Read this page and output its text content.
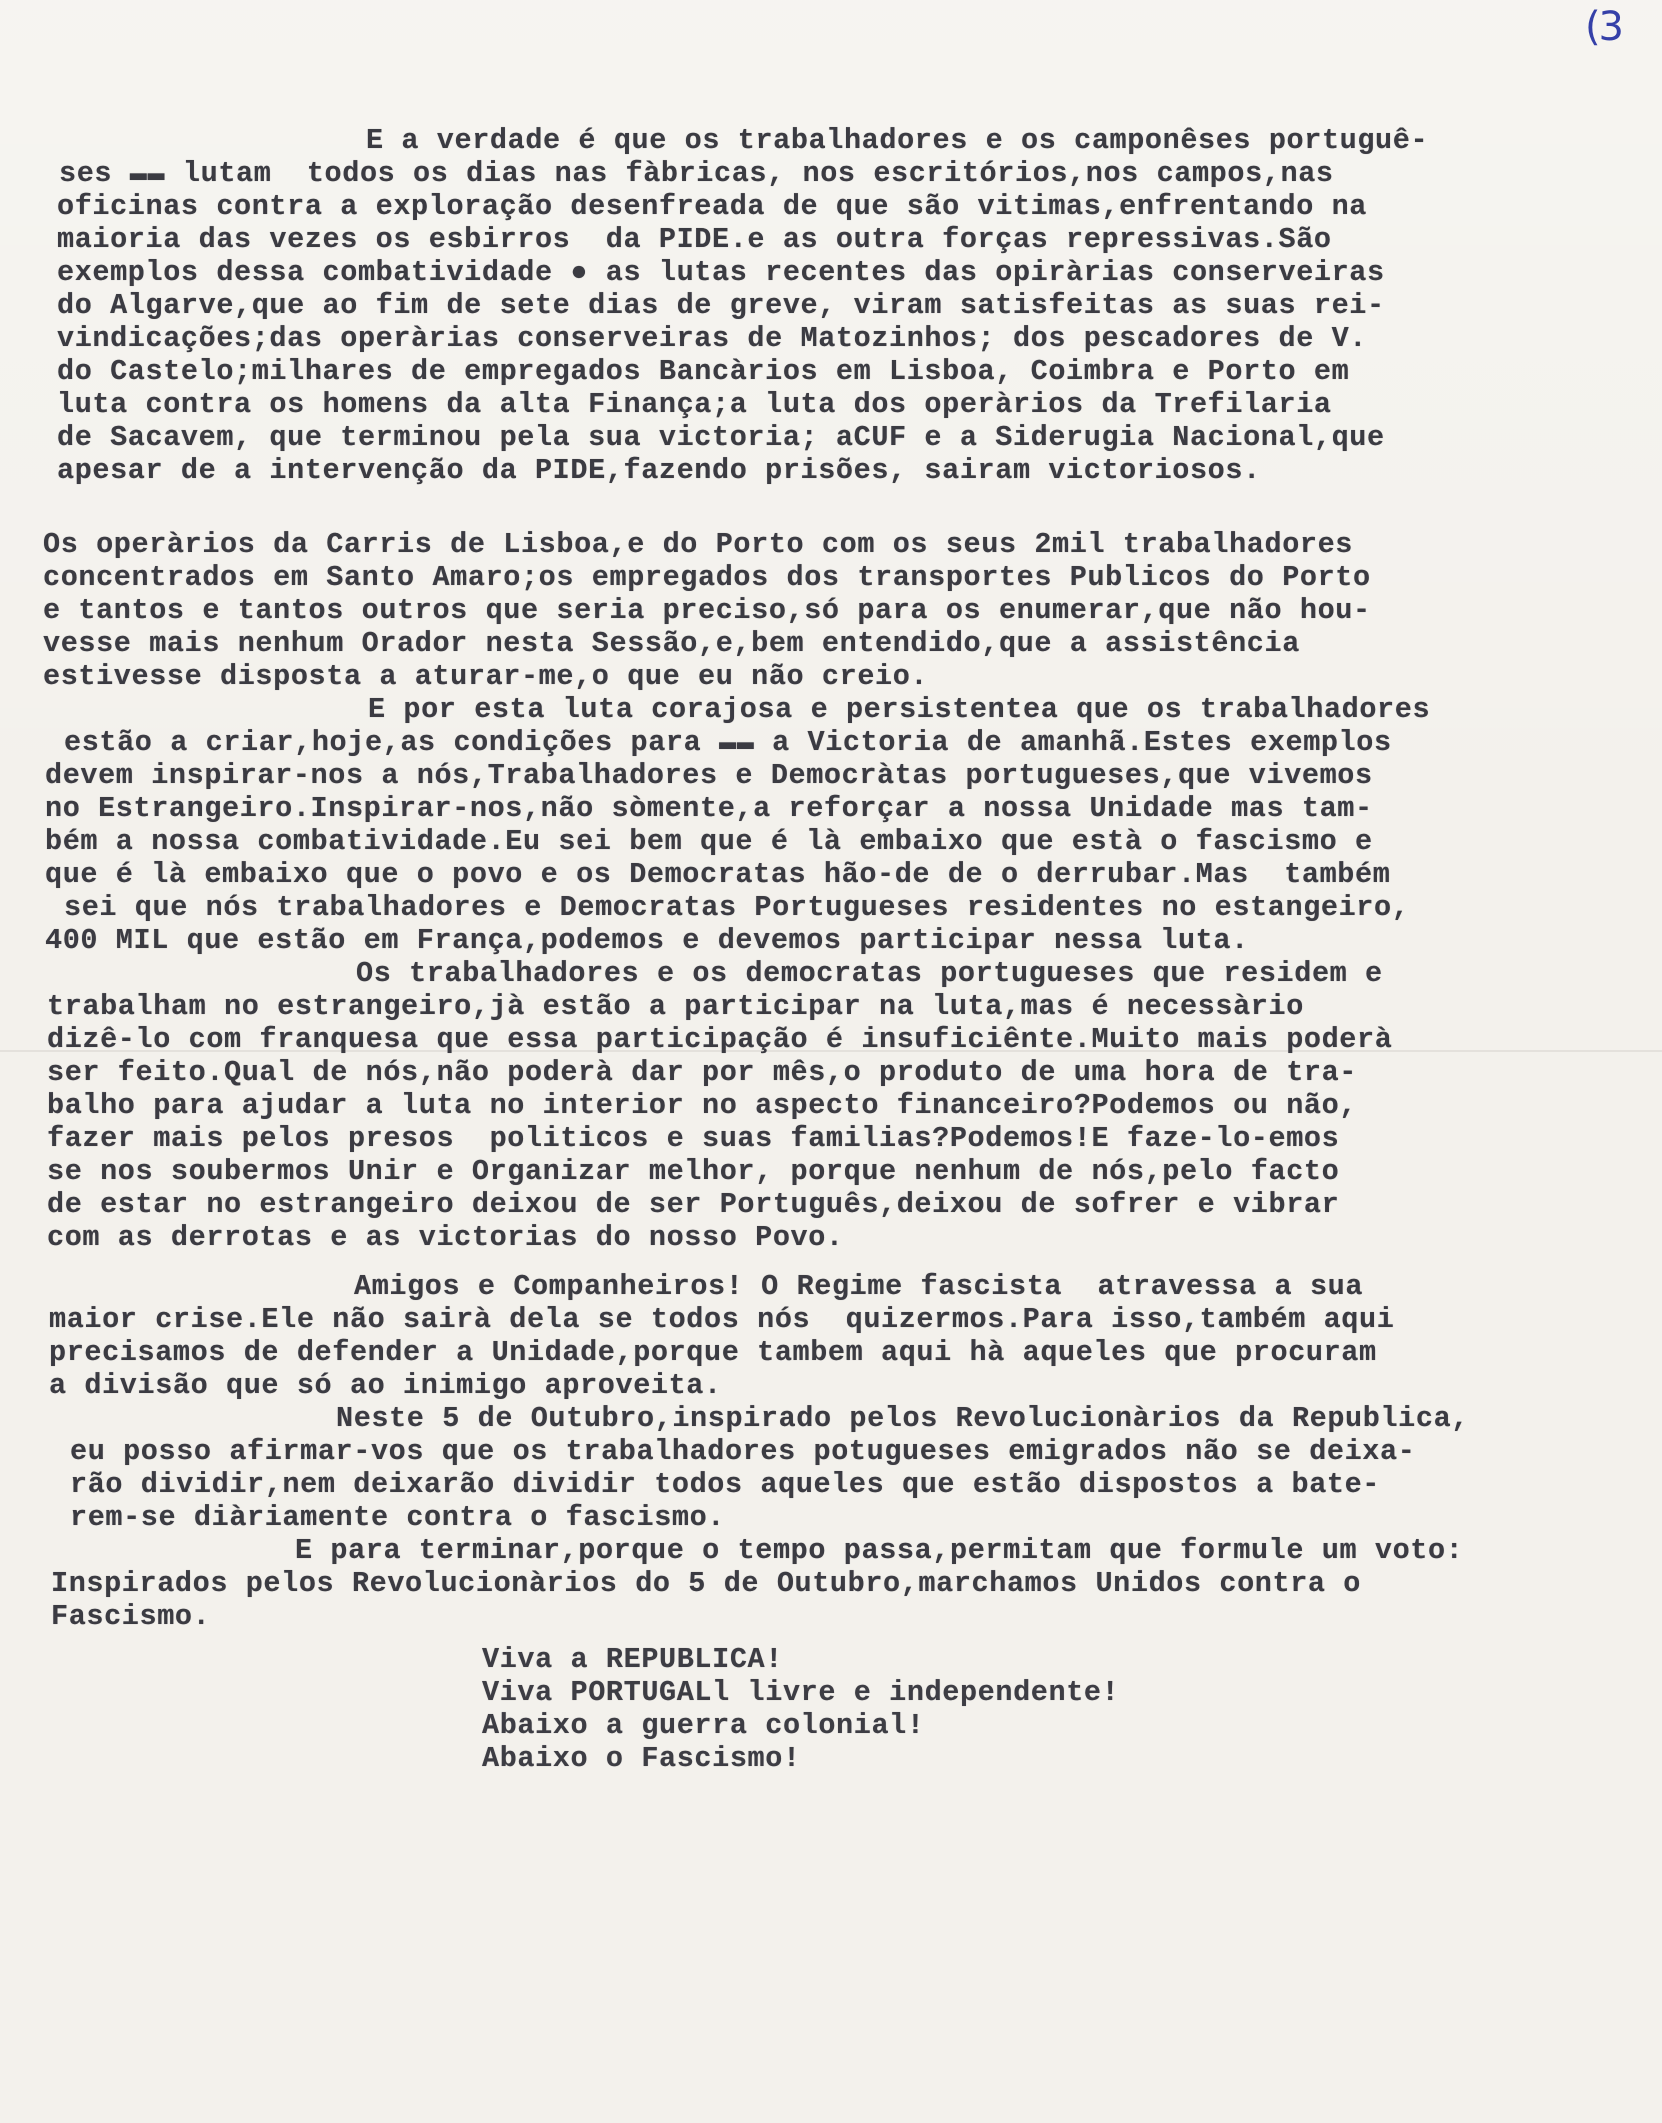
(3
E a verdade é que os trabalhadores e os camponêses portuguê-
ses ▬▬ lutam  todos os dias nas fàbricas, nos escritórios,nos campos,nas
oficinas contra a exploração desenfreada de que são vitimas,enfrentando na
maioria das vezes os esbirros  da PIDE.e as outra forças repressivas.São
exemplos dessa combatividade ● as lutas recentes das opiràrias conserveiras
do Algarve,que ao fim de sete dias de greve, viram satisfeitas as suas rei-
vindicações;das operàrias conserveiras de Matozinhos; dos pescadores de V.
do Castelo;milhares de empregados Bancàrios em Lisboa, Coimbra e Porto em
luta contra os homens da alta Finança;a luta dos operàrios da Trefilaria
de Sacavem, que terminou pela sua victoria; aCUF e a Siderugia Nacional,que
apesar de a intervenção da PIDE,fazendo prisões, sairam victoriosos.
Os operàrios da Carris de Lisboa,e do Porto com os seus 2mil trabalhadores
concentrados em Santo Amaro;os empregados dos transportes Publicos do Porto
e tantos e tantos outros que seria preciso,só para os enumerar,que não hou-
vesse mais nenhum Orador nesta Sessão,e,bem entendido,que a assistência
estivesse disposta a aturar-me,o que eu não creio.
E por esta luta corajosa e persistentea que os trabalhadores
estão a criar,hoje,as condições para ▬▬ a Victoria de amanhã.Estes exemplos
devem inspirar-nos a nós,Trabalhadores e Democràtas portugueses,que vivemos
no Estrangeiro.Inspirar-nos,não sòmente,a reforçar a nossa Unidade mas tam-
bém a nossa combatividade.Eu sei bem que é là embaixo que està o fascismo e
que é là embaixo que o povo e os Democratas hão-de de o derrubar.Mas  também
sei que nós trabalhadores e Democratas Portugueses residentes no estangeiro,
400 MIL que estão em França,podemos e devemos participar nessa luta.
Os trabalhadores e os democratas portugueses que residem e
trabalham no estrangeiro,jà estão a participar na luta,mas é necessàrio
dizê-lo com franquesa que essa participação é insuficiênte.Muito mais poderà
ser feito.Qual de nós,não poderà dar por mês,o produto de uma hora de tra-
balho para ajudar a luta no interior no aspecto financeiro?Podemos ou não,
fazer mais pelos presos  politicos e suas familias?Podemos!E faze-lo-emos
se nos soubermos Unir e Organizar melhor, porque nenhum de nós,pelo facto
de estar no estrangeiro deixou de ser Português,deixou de sofrer e vibrar
com as derrotas e as victorias do nosso Povo.
Amigos e Companheiros! O Regime fascista  atravessa a sua
maior crise.Ele não sairà dela se todos nós  quizermos.Para isso,também aqui
precisamos de defender a Unidade,porque tambem aqui hà aqueles que procuram
a divisão que só ao inimigo aproveita.
Neste 5 de Outubro,inspirado pelos Revolucionàrios da Republica,
eu posso afirmar-vos que os trabalhadores potugueses emigrados não se deixa-
rão dividir,nem deixarão dividir todos aqueles que estão dispostos a bate-
rem-se diàriamente contra o fascismo.
E para terminar,porque o tempo passa,permitam que formule um voto:
Inspirados pelos Revolucionàrios do 5 de Outubro,marchamos Unidos contra o
Fascismo.
Viva a REPUBLICA!
Viva PORTUGALl livre e independente!
Abaixo a guerra colonial!
Abaixo o Fascismo!
